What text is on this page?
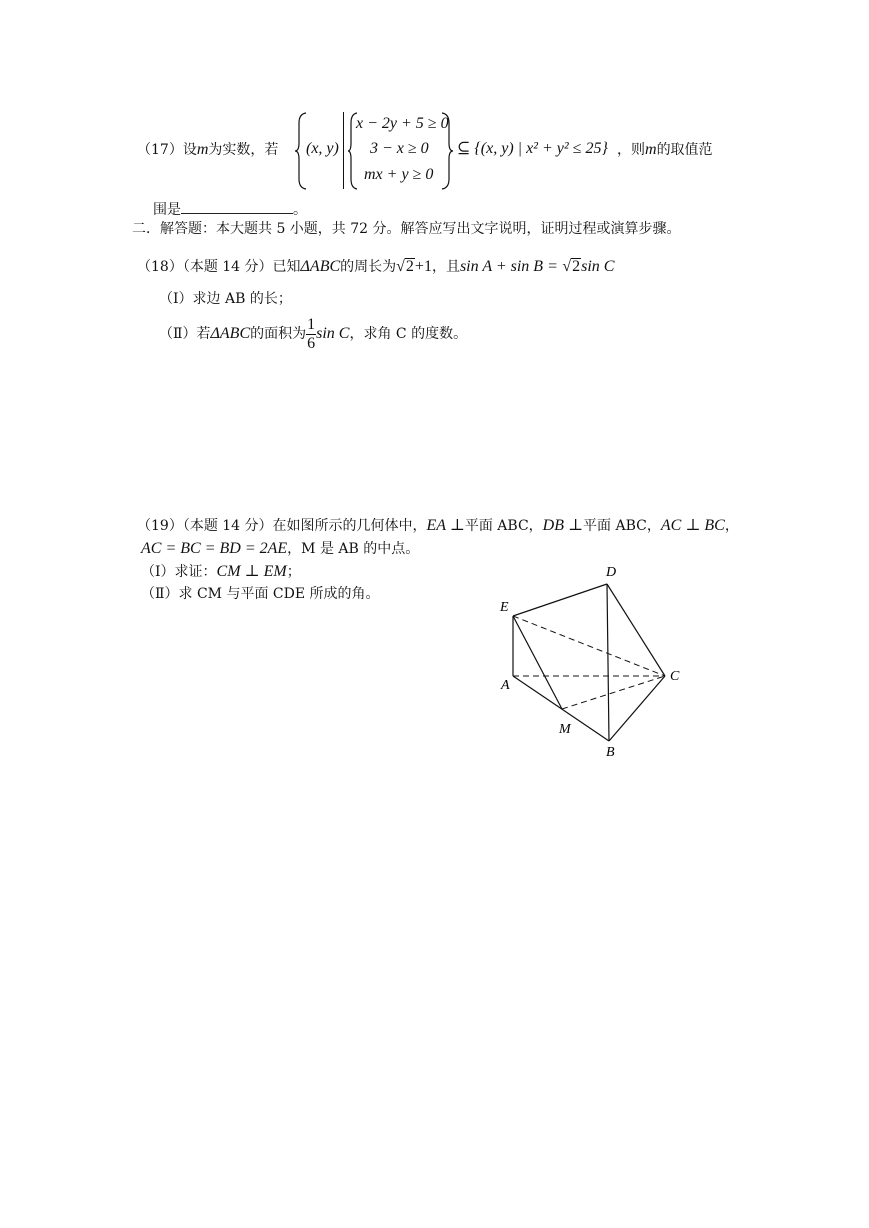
（17）设m为实数，若 (x, y)
x − 2y + 5 ≥ 0
3 − x ≥ 0
mx + y ≥ 0
⊆ {(x, y) | x² + y² ≤ 25} ，则m的取值范
围是	。
二．解答题：本大题共 5 小题，共 72 分。解答应写出文字说明，证明过程或演算步骤。
（18）（本题 14 分）已知ΔABC的周长为√2+1，且sin A + sin B = √2sin C
（Ⅰ）求边 AB 的长；
（Ⅱ）若ΔABC的面积为 $\frac{1}{6}$ sin C，求角 C 的度数。
（19）（本题 14 分）在如图所示的几何体中，EA ⊥平面 ABC，DB ⊥平面 ABC，AC ⊥ BC，
AC = BC = BD = 2AE，M 是 AB 的中点。
（Ⅰ）求证：CM ⊥ EM；
（Ⅱ）求 CM 与平面 CDE 所成的角。
D
E
A
C
M
B
